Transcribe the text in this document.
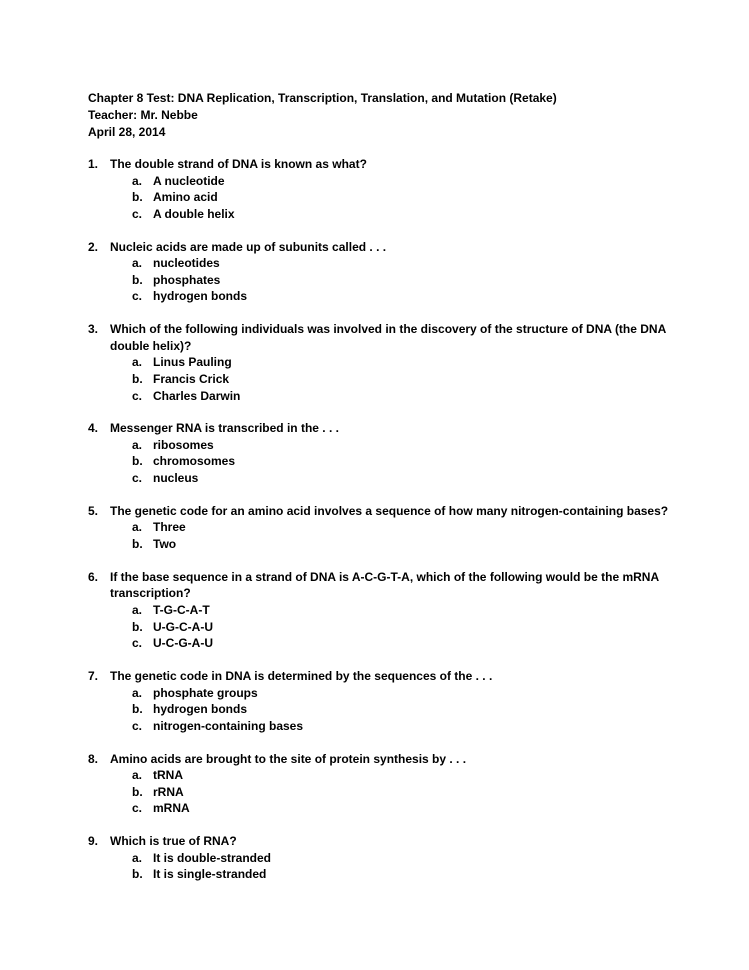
Chapter 8 Test: DNA Replication, Transcription, Translation, and Mutation (Retake)
Teacher: Mr. Nebbe
April 28, 2014
1. The double strand of DNA is known as what?
a. A nucleotide
b. Amino acid
c. A double helix
2. Nucleic acids are made up of subunits called . . .
a. nucleotides
b. phosphates
c. hydrogen bonds
3. Which of the following individuals was involved in the discovery of the structure of DNA (the DNA double helix)?
a. Linus Pauling
b. Francis Crick
c. Charles Darwin
4. Messenger RNA is transcribed in the . . .
a. ribosomes
b. chromosomes
c. nucleus
5. The genetic code for an amino acid involves a sequence of how many nitrogen-containing bases?
a. Three
b. Two
6. If the base sequence in a strand of DNA is A-C-G-T-A, which of the following would be the mRNA transcription?
a. T-G-C-A-T
b. U-G-C-A-U
c. U-C-G-A-U
7. The genetic code in DNA is determined by the sequences of the . . .
a. phosphate groups
b. hydrogen bonds
c. nitrogen-containing bases
8. Amino acids are brought to the site of protein synthesis by . . .
a. tRNA
b. rRNA
c. mRNA
9. Which is true of RNA?
a. It is double-stranded
b. It is single-stranded
